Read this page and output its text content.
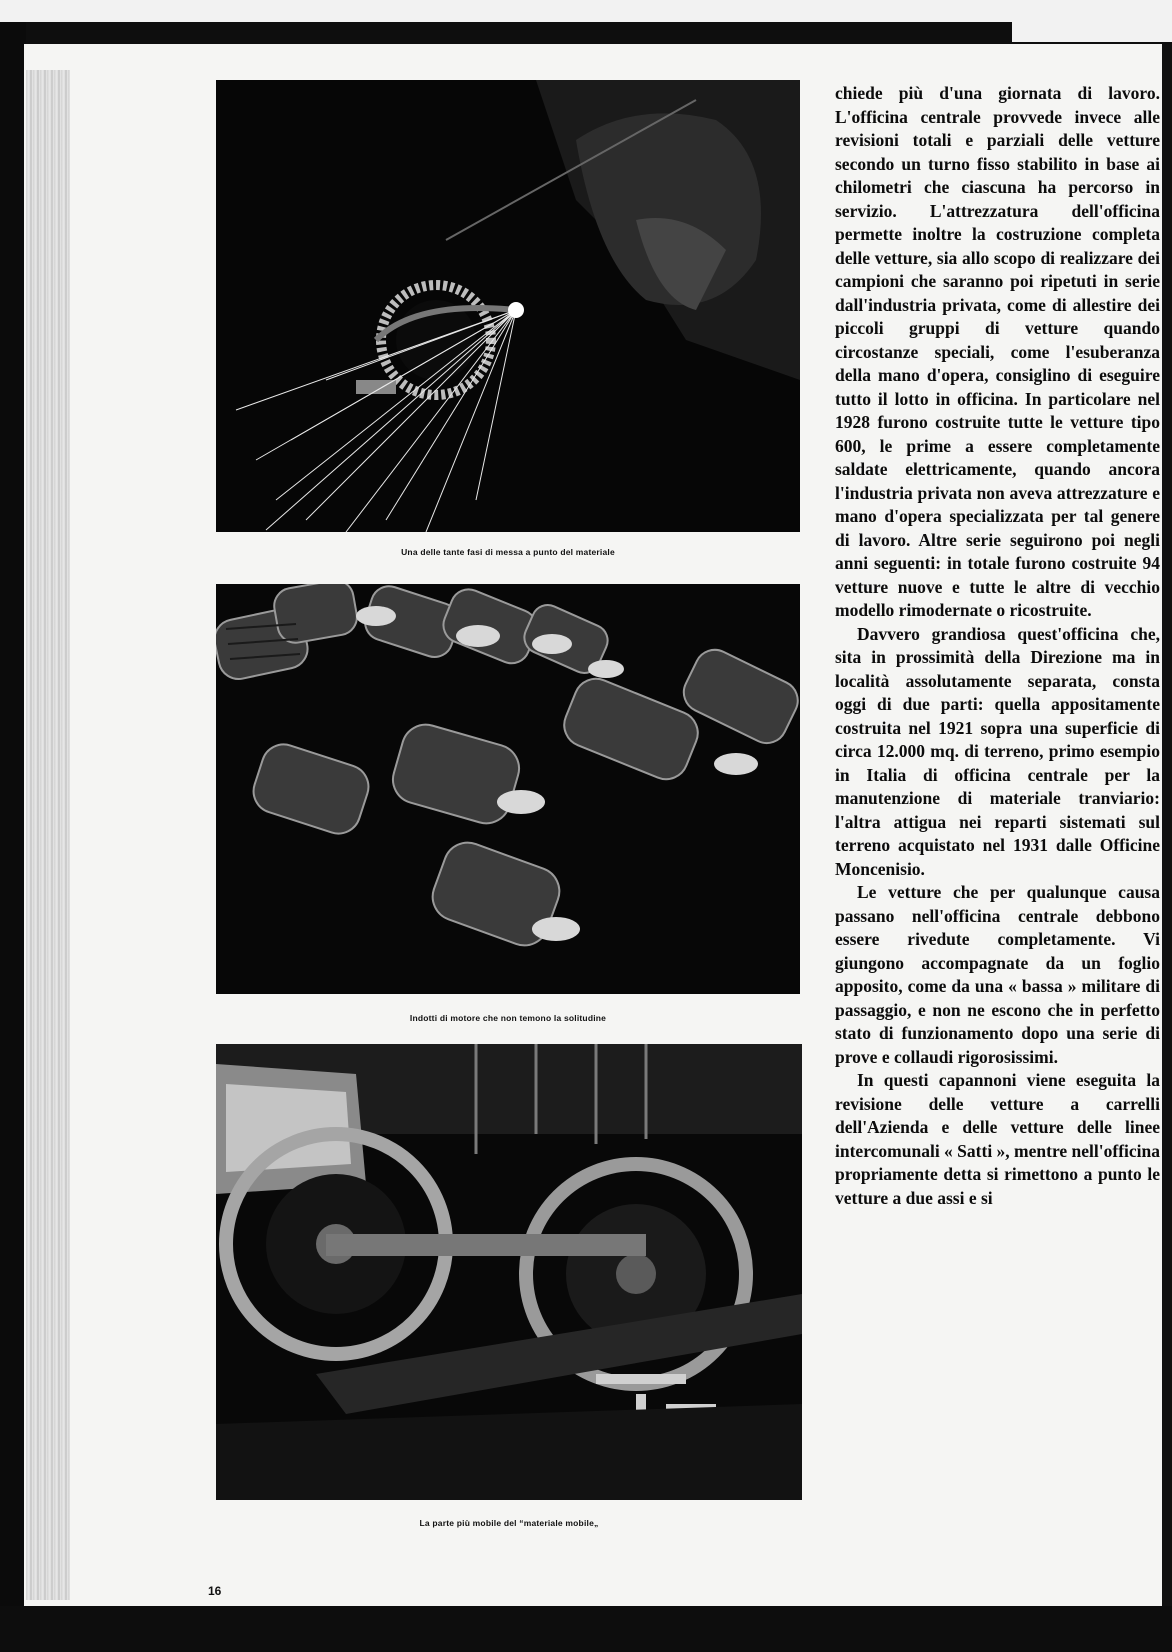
Una delle tante fasi di messa a punto del materiale
Indotti di motore che non temono la solitudine
La parte più mobile del “materiale mobile„

chiede più d'una giornata di lavoro. L'officina centrale provvede invece alle revisioni totali e parziali delle vetture secondo un turno fisso stabilito in base ai chilometri che ciascuna ha percorso in servizio. L'attrezzatura dell'officina permette inoltre la costruzione completa delle vetture, sia allo scopo di realizzare dei campioni che saranno poi ripetuti in serie dall'industria privata, come di allestire dei piccoli gruppi di vetture quando circostanze speciali, come l'esuberanza della mano d'opera, consiglino di eseguire tutto il lotto in officina. In particolare nel 1928 furono costruite tutte le vetture tipo 600, le prime a essere completamente saldate elettricamente, quando ancora l'industria privata non aveva attrezzature e mano d'opera specializzata per tal genere di lavoro. Altre serie seguirono poi negli anni seguenti: in totale furono costruite 94 vetture nuove e tutte le altre di vecchio modello rimodernate o ricostruite.

Davvero grandiosa quest'officina che, sita in prossimità della Direzione ma in località assolutamente separata, consta oggi di due parti: quella appositamente costruita nel 1921 sopra una superficie di circa 12.000 mq. di terreno, primo esempio in Italia di officina centrale per la manutenzione di materiale tranviario: l'altra attigua nei reparti sistemati sul terreno acquistato nel 1931 dalle Officine Moncenisio.

Le vetture che per qualunque causa passano nell'officina centrale debbono essere rivedute completamente. Vi giungono accompagnate da un foglio apposito, come da una « bassa » militare di passaggio, e non ne escono che in perfetto stato di funzionamento dopo una serie di prove e collaudi rigorosissimi.

In questi capannoni viene eseguita la revisione delle vetture a carrelli dell'Azienda e delle vetture delle linee intercomunali « Satti », mentre nell'officina propriamente detta si rimettono a punto le vetture a due assi e si

16
